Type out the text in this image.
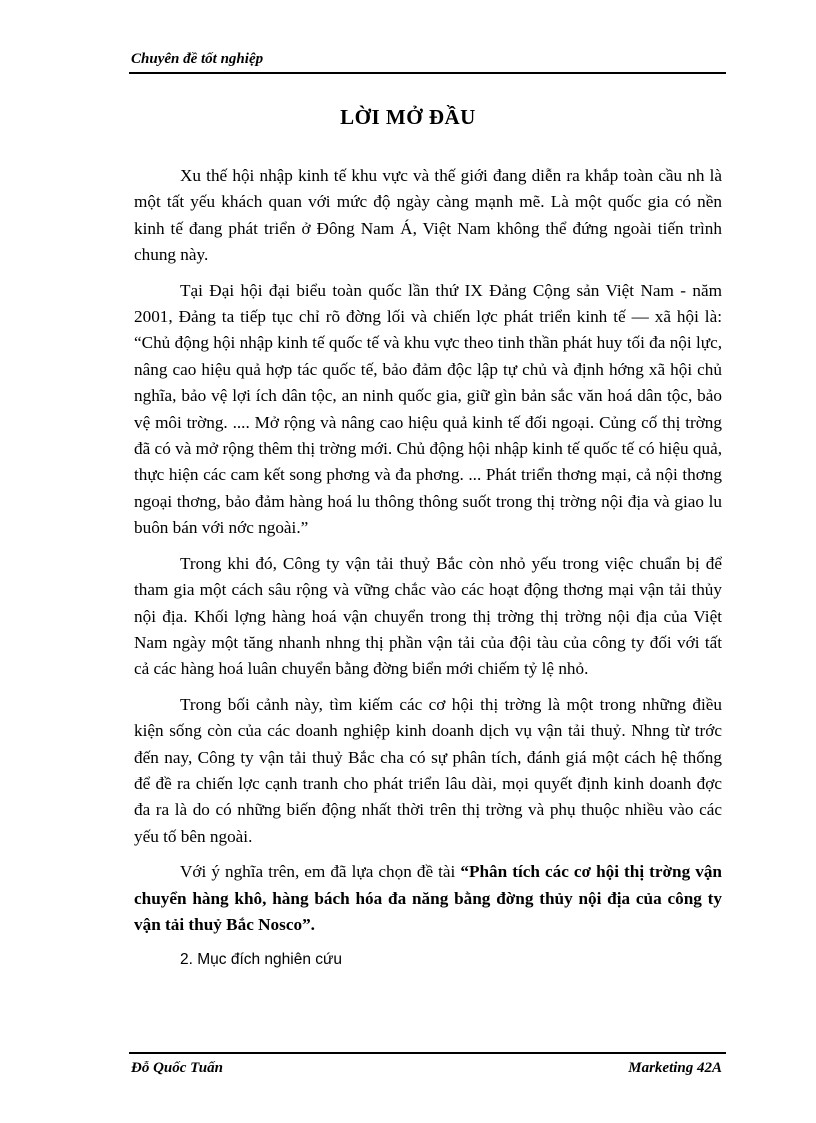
Chuyên đề tốt nghiệp
LỜI MỞ ĐẦU

Xu thế hội nhập kinh tế khu vực và thế giới đang diễn ra khắp toàn cầu nh là một tất yếu khách quan với mức độ ngày càng mạnh mẽ. Là một quốc gia có nền kinh tế đang phát triển ở Đông Nam Á, Việt Nam không thể đứng ngoài tiến trình chung này.

Tại Đại hội đại biểu toàn quốc lần thứ IX Đảng Cộng sản Việt Nam - năm 2001, Đảng ta tiếp tục chỉ rõ đờng lối và chiến lợc phát triển kinh tế — xã hội là: “Chủ động hội nhập kinh tế quốc tế và khu vực theo tinh thần phát huy tối đa nội lực, nâng cao hiệu quả hợp tác quốc tế, bảo đảm độc lập tự chủ và định hớng xã hội chủ nghĩa, bảo vệ lợi ích dân tộc, an ninh quốc gia, giữ gìn bản sắc văn hoá dân tộc, bảo vệ môi trờng. .... Mở rộng và nâng cao hiệu quả kinh tế đối ngoại. Củng cố thị trờng đã có và mở rộng thêm thị trờng mới. Chủ động hội nhập kinh tế quốc tế có hiệu quả, thực hiện các cam kết song phơng và đa phơng. ... Phát triển thơng mại, cả nội thơng ngoại thơng, bảo đảm hàng hoá lu thông thông suốt trong thị trờng nội địa và giao lu buôn bán với nớc ngoài.”

Trong khi đó, Công ty vận tải thuỷ Bắc còn nhỏ yếu trong việc chuẩn bị để tham gia một cách sâu rộng và vững chắc vào các hoạt động thơng mại vận tải thủy nội địa. Khối lợng hàng hoá vận chuyển trong thị trờng thị trờng nội địa của Việt Nam ngày một tăng nhanh nhng thị phần vận tải của đội tàu của công ty đối với tất cả các hàng hoá luân chuyển bằng đờng biển mới chiếm tỷ lệ nhỏ.

Trong bối cảnh này, tìm kiếm các cơ hội thị trờng là một trong những điều kiện sống còn của các doanh nghiệp kinh doanh dịch vụ vận tải thuỷ. Nhng từ trớc đến nay, Công ty vận tải thuỷ Bắc cha có sự phân tích, đánh giá một cách hệ thống để đề ra chiến lợc cạnh tranh cho phát triển lâu dài, mọi quyết định kinh doanh đợc đa ra là do có những biến động nhất thời trên thị trờng và phụ thuộc nhiều vào các yếu tố bên ngoài.

Với ý nghĩa trên, em đã lựa chọn đề tài “Phân tích các cơ hội thị trờng vận chuyển hàng khô, hàng bách hóa đa năng bằng đờng thủy nội địa của công ty vận tải thuỷ Bắc Nosco”.

2. Mục đích nghiên cứu

Đỗ Quốc Tuấn	Marketing 42A
